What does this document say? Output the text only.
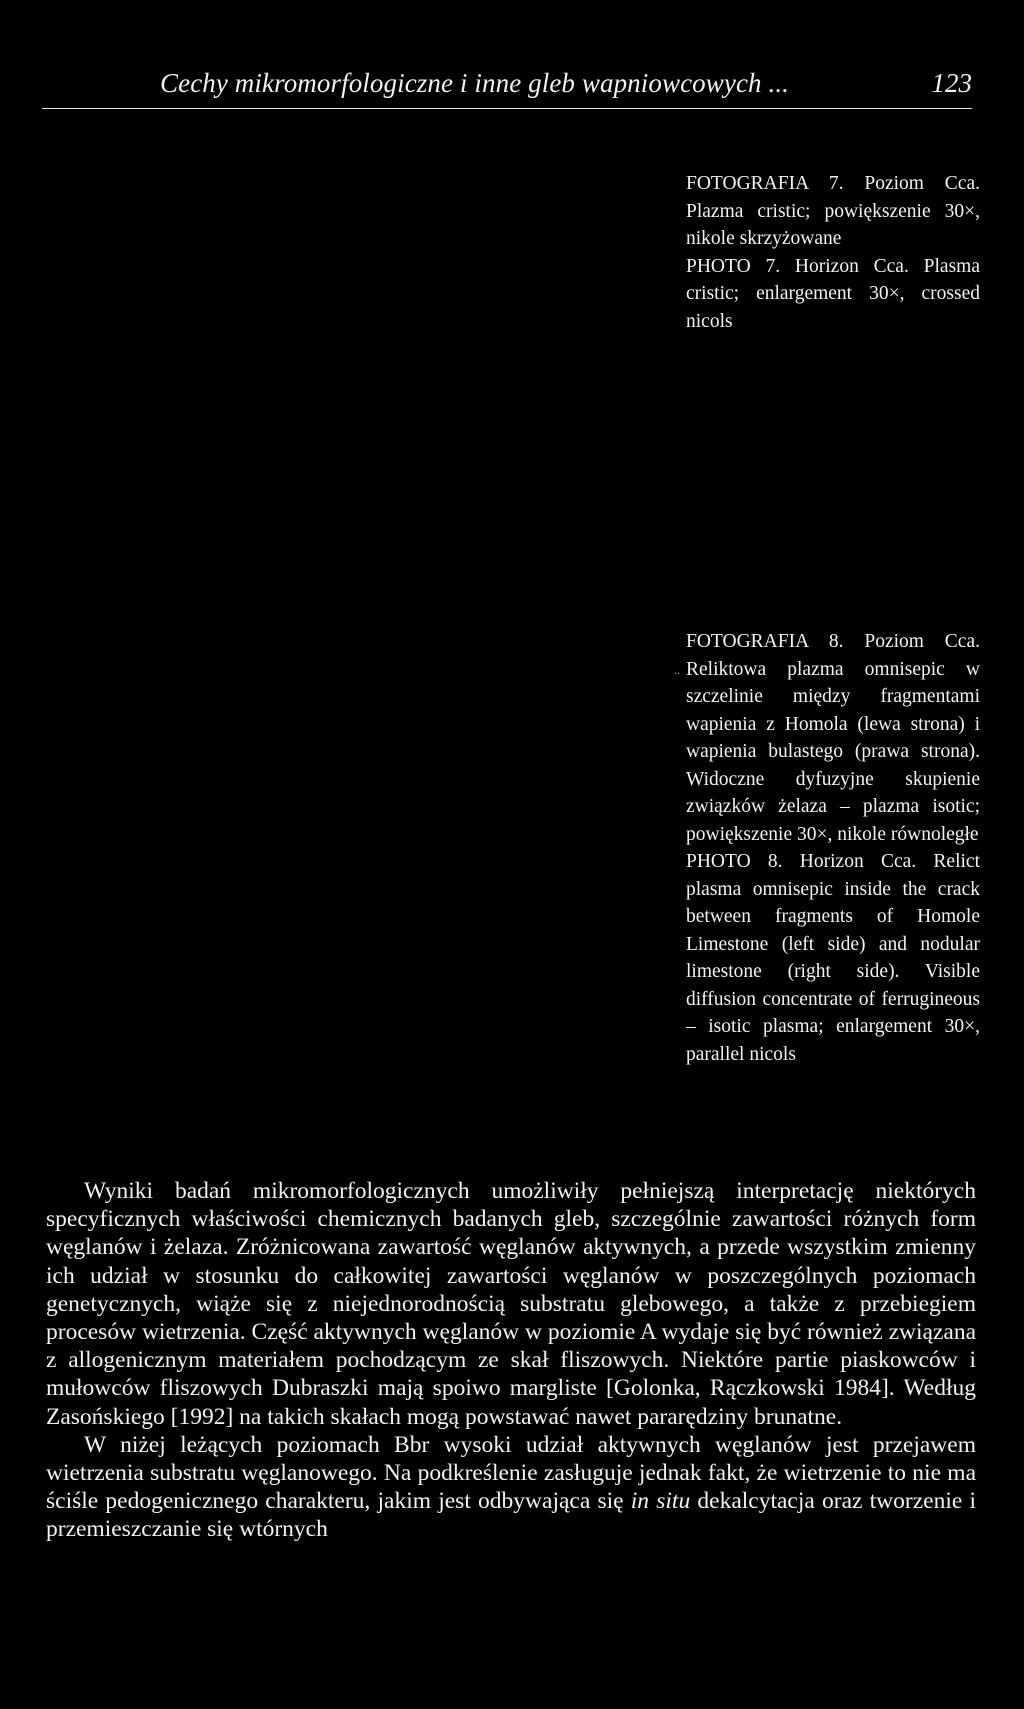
Cechy mikromorfologiczne i inne gleb wapniowcowych ...	123

FOTOGRAFIA 7. Poziom Cca. Plazma cristic; powiększenie 30×, nikole skrzyżowane

PHOTO 7. Horizon Cca. Plasma cristic; enlargement 30×, crossed nicols

..

FOTOGRAFIA 8. Poziom Cca. Reliktowa plazma omnisepic w szczelinie między fragmentami wapienia z Homola (lewa strona) i wapienia bulastego (prawa strona). Widoczne dyfuzyjne skupienie związków żelaza – plazma isotic; powiększenie 30×, nikole równoległe

PHOTO 8. Horizon Cca. Relict plasma omnisepic inside the crack between fragments of Homole Limestone (left side) and nodular limestone (right side). Visible diffusion concentrate of ferrugineous – isotic plasma; enlargement 30×, parallel nicols

Wyniki badań mikromorfologicznych umożliwiły pełniejszą interpretację niektórych specyficznych właściwości chemicznych badanych gleb, szczególnie zawartości różnych form węglanów i żelaza. Zróżnicowana zawartość węglanów aktywnych, a przede wszystkim zmienny ich udział w stosunku do całkowitej zawartości węglanów w poszczególnych poziomach genetycznych, wiąże się z niejednorodnością substratu glebowego, a także z przebiegiem procesów wietrzenia. Część aktywnych węglanów w poziomie A wydaje się być również związana z allogenicznym materiałem pochodzącym ze skał fliszowych. Niektóre partie piaskowców i mułowców fliszowych Dubraszki mają spoiwo margliste [Golonka, Rączkowski 1984]. Według Zasońskiego [1992] na takich skałach mogą powstawać nawet pararędziny brunatne.

W niżej leżących poziomach Bbr wysoki udział aktywnych węglanów jest przejawem wietrzenia substratu węglanowego. Na podkreślenie zasługuje jednak fakt, że wietrzenie to nie ma ściśle pedogenicznego charakteru, jakim jest odbywająca się in situ dekalcytacja oraz tworzenie i przemieszczanie się wtórnych
